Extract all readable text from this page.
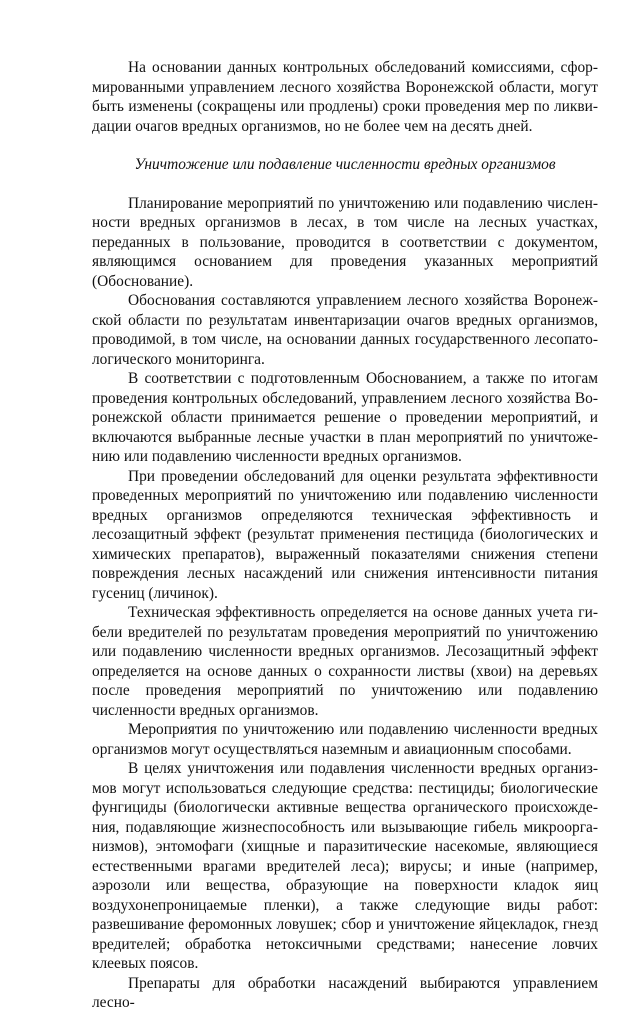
На основании данных контрольных обследований комиссиями, сформированными управлением лесного хозяйства Воронежской области, могут быть изменены (сокращены или продлены) сроки проведения мер по ликвидации очагов вредных организмов, но не более чем на десять дней.

Уничтожение или подавление численности вредных организмов

Планирование мероприятий по уничтожению или подавлению численности вредных организмов в лесах, в том числе на лесных участках, переданных в пользование, проводится в соответствии с документом, являющимся основанием для проведения указанных мероприятий (Обоснование).

Обоснования составляются управлением лесного хозяйства Воронежской области по результатам инвентаризации очагов вредных организмов, проводимой, в том числе, на основании данных государственного лесопатологического мониторинга.

В соответствии с подготовленным Обоснованием, а также по итогам проведения контрольных обследований, управлением лесного хозяйства Воронежской области принимается решение о проведении мероприятий, и включаются выбранные лесные участки в план мероприятий по уничтожению или подавлению численности вредных организмов.

При проведении обследований для оценки результата эффективности проведенных мероприятий по уничтожению или подавлению численности вредных организмов определяются техническая эффективность и лесозащитный эффект (результат применения пестицида (биологических и химических препаратов), выраженный показателями снижения степени повреждения лесных насаждений или снижения интенсивности питания гусениц (личинок).

Техническая эффективность определяется на основе данных учета гибели вредителей по результатам проведения мероприятий по уничтожению или подавлению численности вредных организмов. Лесозащитный эффект определяется на основе данных о сохранности листвы (хвои) на деревьях после проведения мероприятий по уничтожению или подавлению численности вредных организмов.

Мероприятия по уничтожению или подавлению численности вредных организмов могут осуществляться наземным и авиационным способами.

В целях уничтожения или подавления численности вредных организмов могут использоваться следующие средства: пестициды; биологические фунгициды (биологически активные вещества органического происхождения, подавляющие жизнеспособность или вызывающие гибель микрооргaнизмов), энтомофаги (хищные и паразитические насекомые, являющиеся естественными врагами вредителей леса); вирусы; и иные (например, аэрозоли или вещества, образующие на поверхности кладок яиц воздухонепроницаемые пленки), а также следующие виды работ: развешивание феромонных ловушек; сбор и уничтожение яйцекладок, гнезд вредителей; обработка нетоксичными средствами; нанесение ловчих клеевых поясов.

Препараты для обработки насаждений выбираются управлением лесно-
